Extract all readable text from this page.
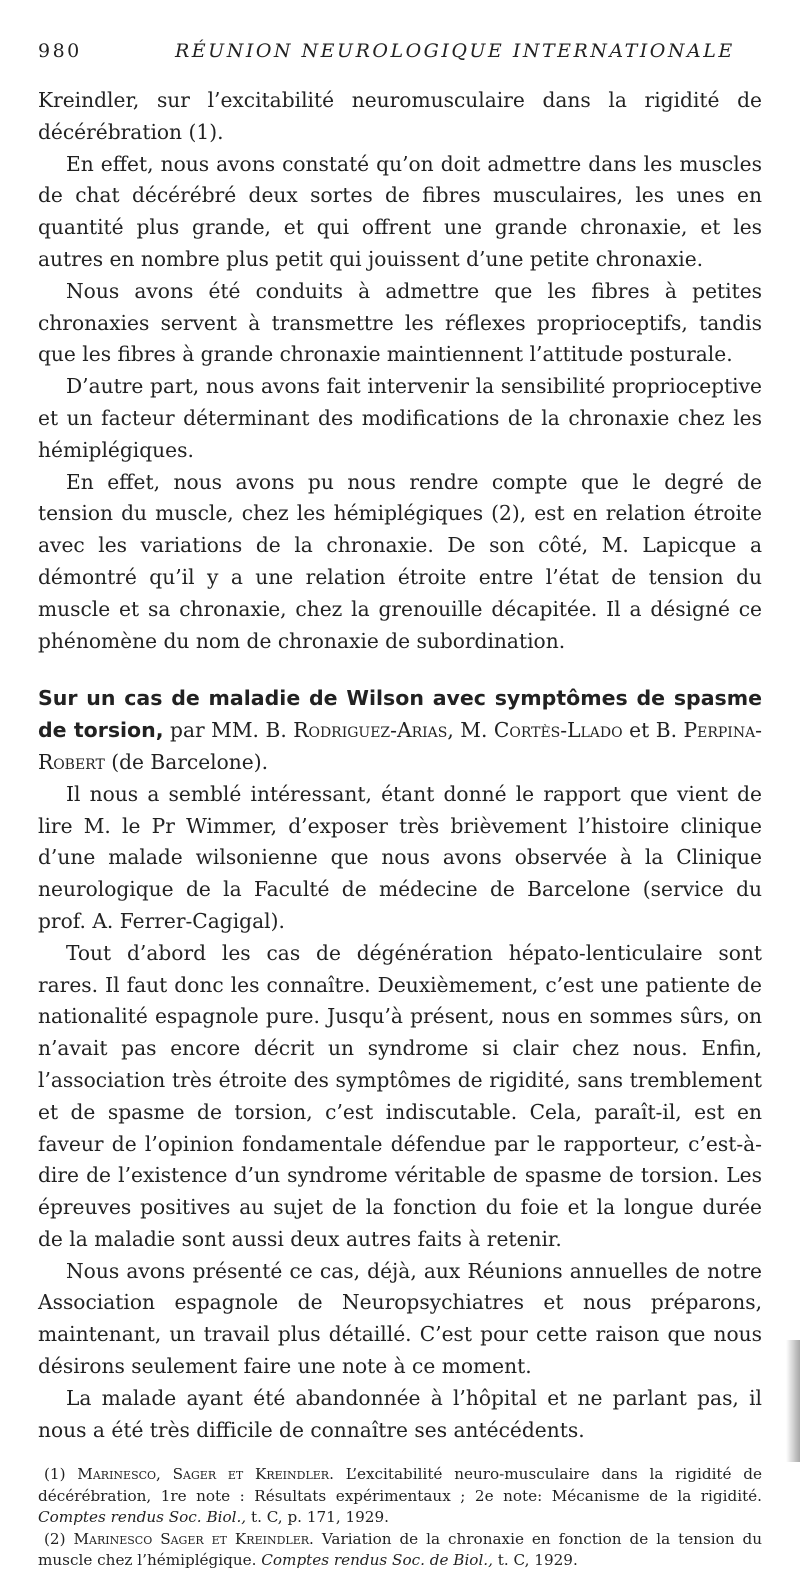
980	RÉUNION NEUROLOGIQUE INTERNATIONALE

Kreindler, sur l’excitabilité neuromusculaire dans la rigidité de décérébration (1).

En effet, nous avons constaté qu’on doit admettre dans les muscles de chat décérébré deux sortes de fibres musculaires, les unes en quantité plus grande, et qui offrent une grande chronaxie, et les autres en nombre plus petit qui jouissent d’une petite chronaxie.

Nous avons été conduits à admettre que les fibres à petites chronaxies servent à transmettre les réflexes proprioceptifs, tandis que les fibres à grande chronaxie maintiennent l’attitude posturale.

D’autre part, nous avons fait intervenir la sensibilité proprioceptive et un facteur déterminant des modifications de la chronaxie chez les hémiplégiques.

En effet, nous avons pu nous rendre compte que le degré de tension du muscle, chez les hémiplégiques (2), est en relation étroite avec les variations de la chronaxie. De son côté, M. Lapicque a démontré qu’il y a une relation étroite entre l’état de tension du muscle et sa chronaxie, chez la grenouille décapitée. Il a désigné ce phénomène du nom de chronaxie de subordination.

Sur un cas de maladie de Wilson avec symptômes de spasme de torsion, par MM. B. Rodriguez-Arias, M. Cortès-Llado et B. Perpina-Robert (de Barcelone).

Il nous a semblé intéressant, étant donné le rapport que vient de lire M. le Pr Wimmer, d’exposer très brièvement l’histoire clinique d’une malade wilsonienne que nous avons observée à la Clinique neurologique de la Faculté de médecine de Barcelone (service du prof. A. Ferrer-Cagigal).

Tout d’abord les cas de dégénération hépato-lenticulaire sont rares. Il faut donc les connaître. Deuxièmement, c’est une patiente de nationalité espagnole pure. Jusqu’à présent, nous en sommes sûrs, on n’avait pas encore décrit un syndrome si clair chez nous. Enfin, l’association très étroite des symptômes de rigidité, sans tremblement et de spasme de torsion, c’est indiscutable. Cela, paraît-il, est en faveur de l’opinion fondamentale défendue par le rapporteur, c’est-à-dire de l’existence d’un syndrome véritable de spasme de torsion. Les épreuves positives au sujet de la fonction du foie et la longue durée de la maladie sont aussi deux autres faits à retenir.

Nous avons présenté ce cas, déjà, aux Réunions annuelles de notre Association espagnole de Neuropsychiatres et nous préparons, maintenant, un travail plus détaillé. C’est pour cette raison que nous désirons seulement faire une note à ce moment.

La malade ayant été abandonnée à l’hôpital et ne parlant pas, il nous a été très difficile de connaître ses antécédents.

(1) Marinesco, Sager et Kreindler. L’excitabilité neuro-musculaire dans la rigidité de décérébration, 1re note : Résultats expérimentaux ; 2e note: Mécanisme de la rigidité. Comptes rendus Soc. Biol., t. C, p. 171, 1929.

(2) Marinesco Sager et Kreindler. Variation de la chronaxie en fonction de la tension du muscle chez l’hémiplégique. Comptes rendus Soc. de Biol., t. C, 1929.
